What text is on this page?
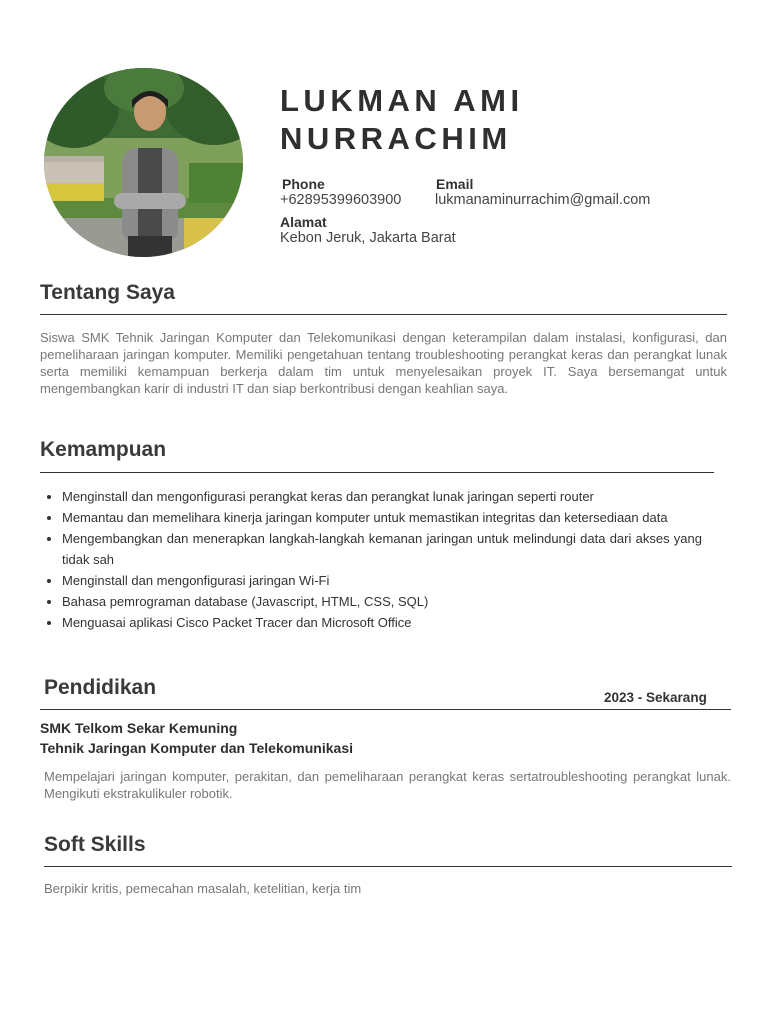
LUKMAN AMI
NURRACHIM
Phone
+62895399603900
Email
lukmanaminurrachim@gmail.com
Alamat
Kebon Jeruk, Jakarta Barat
Tentang Saya

Siswa SMK Tehnik Jaringan Komputer dan Telekomunikasi dengan keterampilan dalam instalasi, konfigurasi, dan pemeliharaan jaringan komputer. Memiliki pengetahuan tentang troubleshooting perangkat keras dan perangkat lunak serta memiliki kemampuan berkerja dalam tim untuk menyelesaikan proyek IT. Saya bersemangat untuk mengembangkan karir di industri IT dan siap berkontribusi dengan keahlian saya.

Kemampuan
• Menginstall dan mengonfigurasi perangkat keras dan perangkat lunak jaringan seperti router
• Memantau dan memelihara kinerja jaringan komputer untuk memastikan integritas dan ketersediaan data
• Mengembangkan dan menerapkan langkah-langkah kemanan jaringan untuk melindungi data dari akses yang tidak sah
• Menginstall dan mengonfigurasi jaringan Wi-Fi
• Bahasa pemrograman database (Javascript, HTML, CSS, SQL)
• Menguasai aplikasi Cisco Packet Tracer dan Microsoft Office
Pendidikan	2023 - Sekarang
SMK Telkom Sekar Kemuning
Tehnik Jaringan Komputer dan Telekomunikasi

Mempelajari jaringan komputer, perakitan, dan pemeliharaan perangkat keras sertatroubleshooting perangkat lunak. Mengikuti ekstrakulikuler robotik.

Soft Skills

Berpikir kritis, pemecahan masalah, ketelitian, kerja tim
